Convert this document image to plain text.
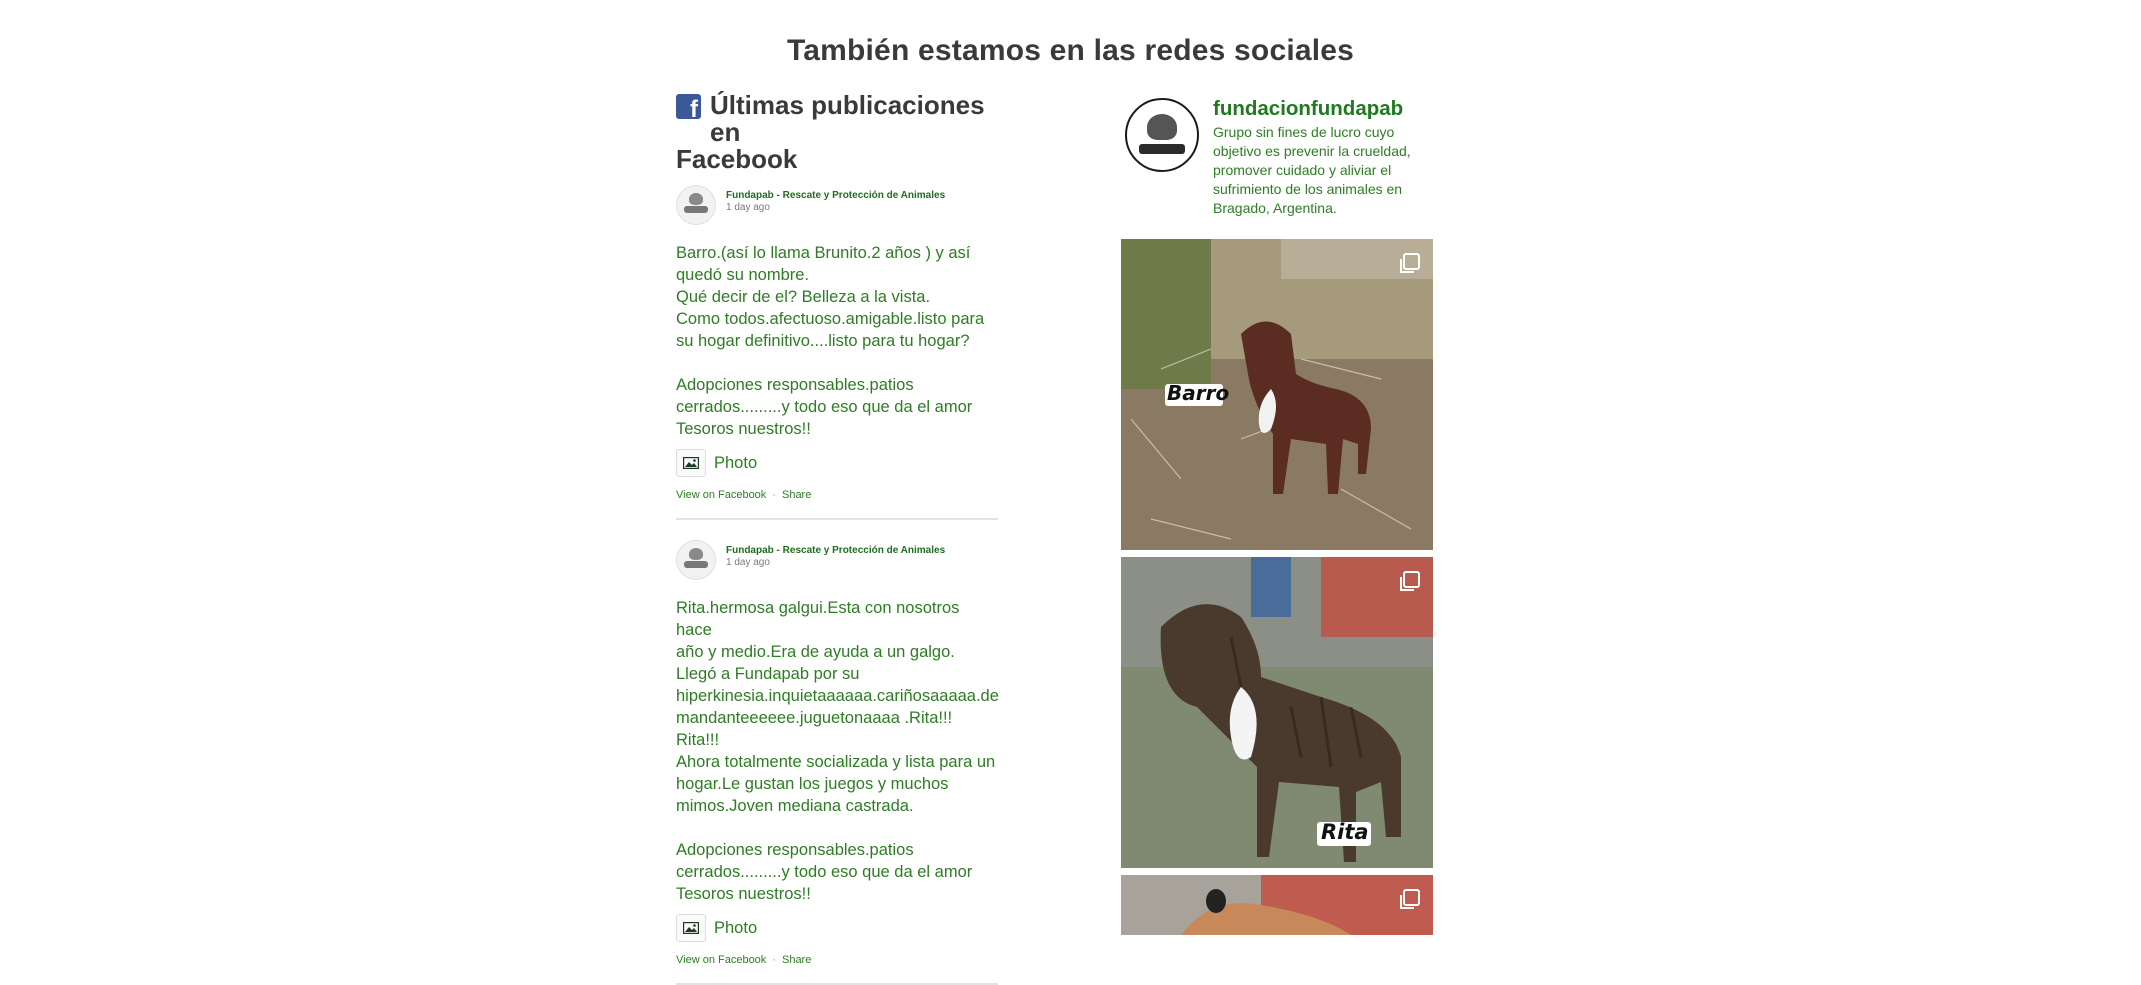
También estamos en las redes sociales
f Últimas publicaciones en
Facebook
Fundapab - Rescate y Protección de Animales
1 day ago
Barro.(así lo llama Brunito.2 años ) y así
quedó su nombre.
Qué decir de el? Belleza a la vista.
Como todos.afectuoso.amigable.listo para
su hogar definitivo....listo para tu hogar?

Adopciones responsables.patios
cerrados.........y todo eso que da el amor
Tesoros nuestros!!
Photo
View on Facebook · Share
Fundapab - Rescate y Protección de Animales
1 day ago
Rita.hermosa galgui.Esta con nosotros hace
año y medio.Era de ayuda a un galgo.
Llegó a Fundapab por su
hiperkinesia.inquietaaaaaa.cariñosaaaaa.de
mandanteeeeee.juguetonaaaa .Rita!!! Rita!!!
Ahora totalmente socializada y lista para un
hogar.Le gustan los juegos y muchos
mimos.Joven mediana castrada.

Adopciones responsables.patios
cerrados.........y todo eso que da el amor
Tesoros nuestros!!
Photo
View on Facebook · Share
fundacionfundapab
Grupo sin fines de lucro cuyo objetivo es prevenir la crueldad, promover cuidado y aliviar el sufrimiento de los animales en Bragado, Argentina.
Barro
Rita
